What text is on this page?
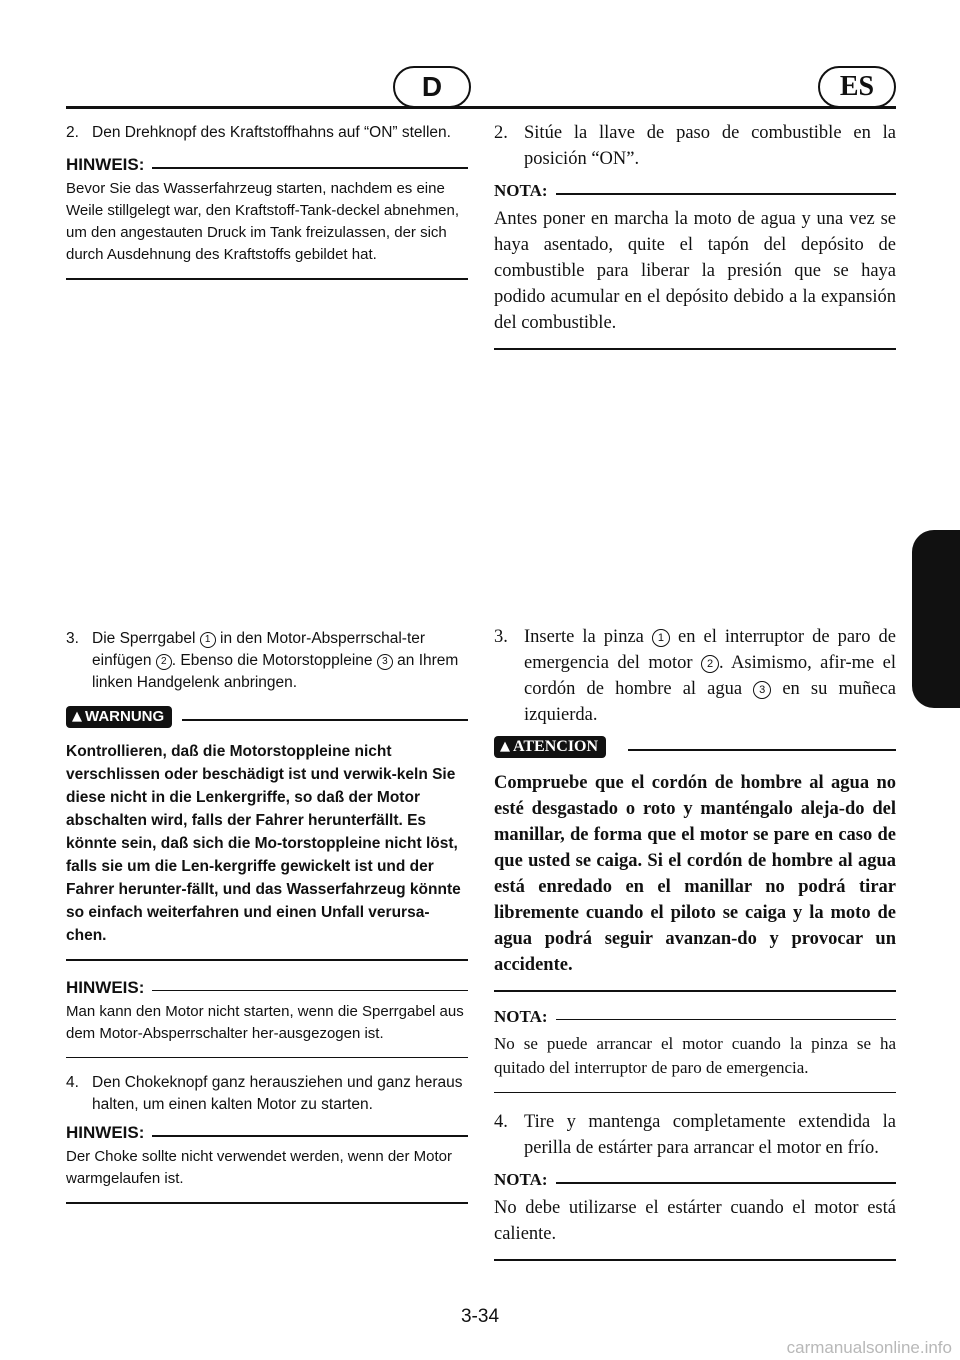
D	ES
2. Den Drehknopf des Kraftstoffhahns auf “ON” stellen.
HINWEIS:
Bevor Sie das Wasserfahrzeug starten, nachdem es eine Weile stillgelegt war, den Kraftstoff-Tank-deckel abnehmen, um den angestauten Druck im Tank freizulassen, der sich durch Ausdehnung des Kraftstoffs gebildet hat.
2. Sitúe la llave de paso de combustible en la posición “ON”.
NOTA:
Antes poner en marcha la moto de agua y una vez se haya asentado, quite el tapón del depósito de combustible para liberar la presión que se haya podido acumular en el depósito debido a la expansión del combustible.
3. Die Sperrgabel 1 in den Motor-Absperrschal-ter einfügen 2 . Ebenso die Motorstoppleine 3 an Ihrem linken Handgelenk anbringen.
▲ WARNUNG
Kontrollieren, daß die Motorstoppleine nicht verschlissen oder beschädigt ist und verwik-keln Sie diese nicht in die Lenkergriffe, so daß der Motor abschalten wird, falls der Fahrer herunterfällt. Es könnte sein, daß sich die Mo-torstoppleine nicht löst, falls sie um die Len-kergriffe gewickelt ist und der Fahrer herunter-fällt, und das Wasserfahrzeug könnte so einfach weiterfahren und einen Unfall verursa-chen.
HINWEIS:
Man kann den Motor nicht starten, wenn die Sperrgabel aus dem Motor-Absperrschalter her-ausgezogen ist.
4. Den Chokeknopf ganz herausziehen und ganz heraus halten, um einen kalten Motor zu starten.
HINWEIS:
Der Choke sollte nicht verwendet werden, wenn der Motor warmgelaufen ist.
3. Inserte la pinza 1 en el interruptor de paro de emergencia del motor 2 . Asimismo, afir-me el cordón de hombre al agua 3 en su muñeca izquierda.
▲ ATENCION
Compruebe que el cordón de hombre al agua no esté desgastado o roto y manténgalo aleja-do del manillar, de forma que el motor se pare en caso de que usted se caiga. Si el cordón de hombre al agua está enredado en el manillar no podrá tirar libremente cuando el piloto se caiga y la moto de agua podrá seguir avanzan-do y provocar un accidente.
NOTA:
No se puede arrancar el motor cuando la pinza se ha quitado del interruptor de paro de emergencia.
4. Tire y mantenga completamente extendida la perilla de estárter para arrancar el motor en frío.
NOTA:
No debe utilizarse el estárter cuando el motor está caliente.
3-34
carmanualsonline.info
